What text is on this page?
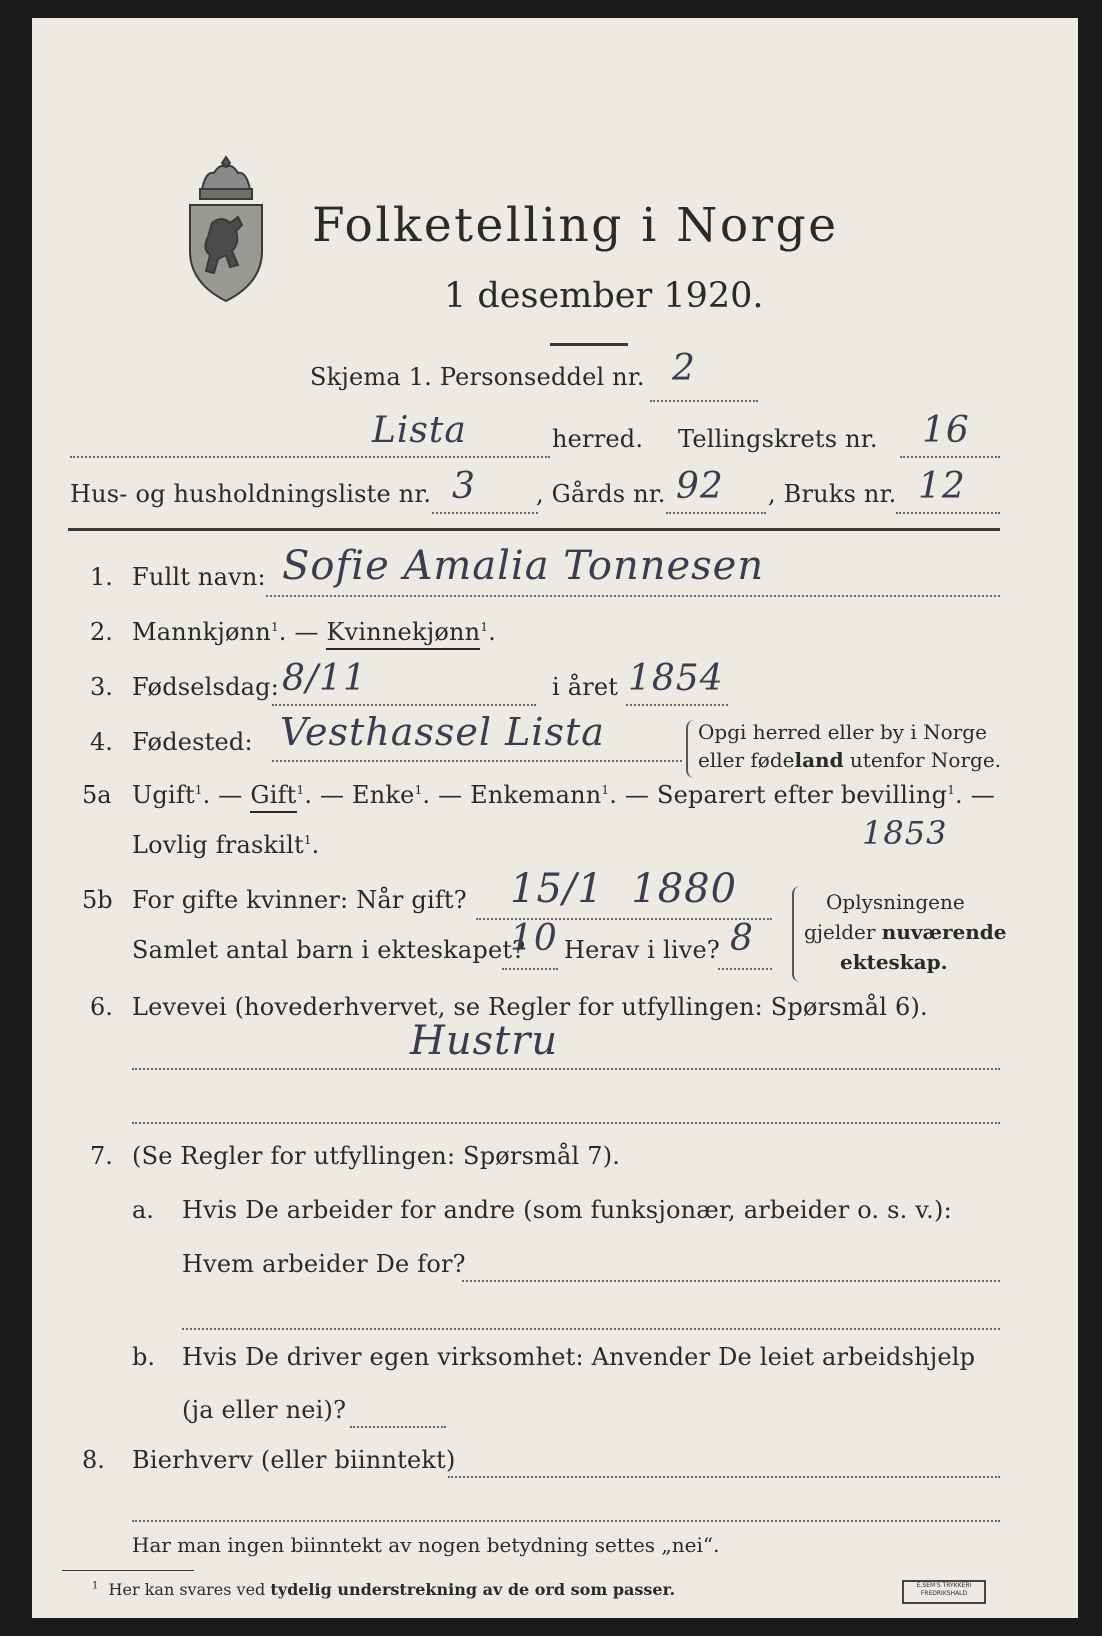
Folketelling i Norge
1 desember 1920.
Skjema 1. Personseddel nr. 2
Lista	herred. Tellingskrets nr. 16
Hus- og husholdningsliste nr. 3	, Gårds nr. 92 , Bruks nr. 12
1. Fullt navn: Sofie Amalia Tonnesen
2. Mannkjønn$^1$. — Kvinnekjønn$^1$.
3. Fødselsdag: 8/11	i året 1854
4. Fødested: Vesthassel Lista	Opgi herred eller by i Norge
eller fødeland utenfor Norge.
5a Ugift$^1$. — Gift$^1$. — Enke$^1$. — Enkemann$^1$. — Separert efter bevilling$^1$. —
Lovlig fraskilt$^1$.	1853
5b For gifte kvinner: Når gift? 15/1  1880
Samlet antal barn i ekteskapet?
10 Herav i live? 8
Oplysningene
gjelder nuværende
ekteskap.
6. Levevei (hovederhvervet, se Regler for utfyllingen: Spørsmål 6).
Hustru
7. (Se Regler for utfyllingen: Spørsmål 7).
a. Hvis De arbeider for andre (som funksjonær, arbeider o. s. v.):
Hvem arbeider De for?
b. Hvis De driver egen virksomhet: Anvender De leiet arbeidshjelp
(ja eller nei)?
8. Bierhverv (eller biinntekt)
Har man ingen biinntekt av nogen betydning settes „nei“.
$^1$ Her kan svares ved tydelig understrekning av de ord som passer.	E.SEM'S TRYKKERI
FREDRIKSHALD
